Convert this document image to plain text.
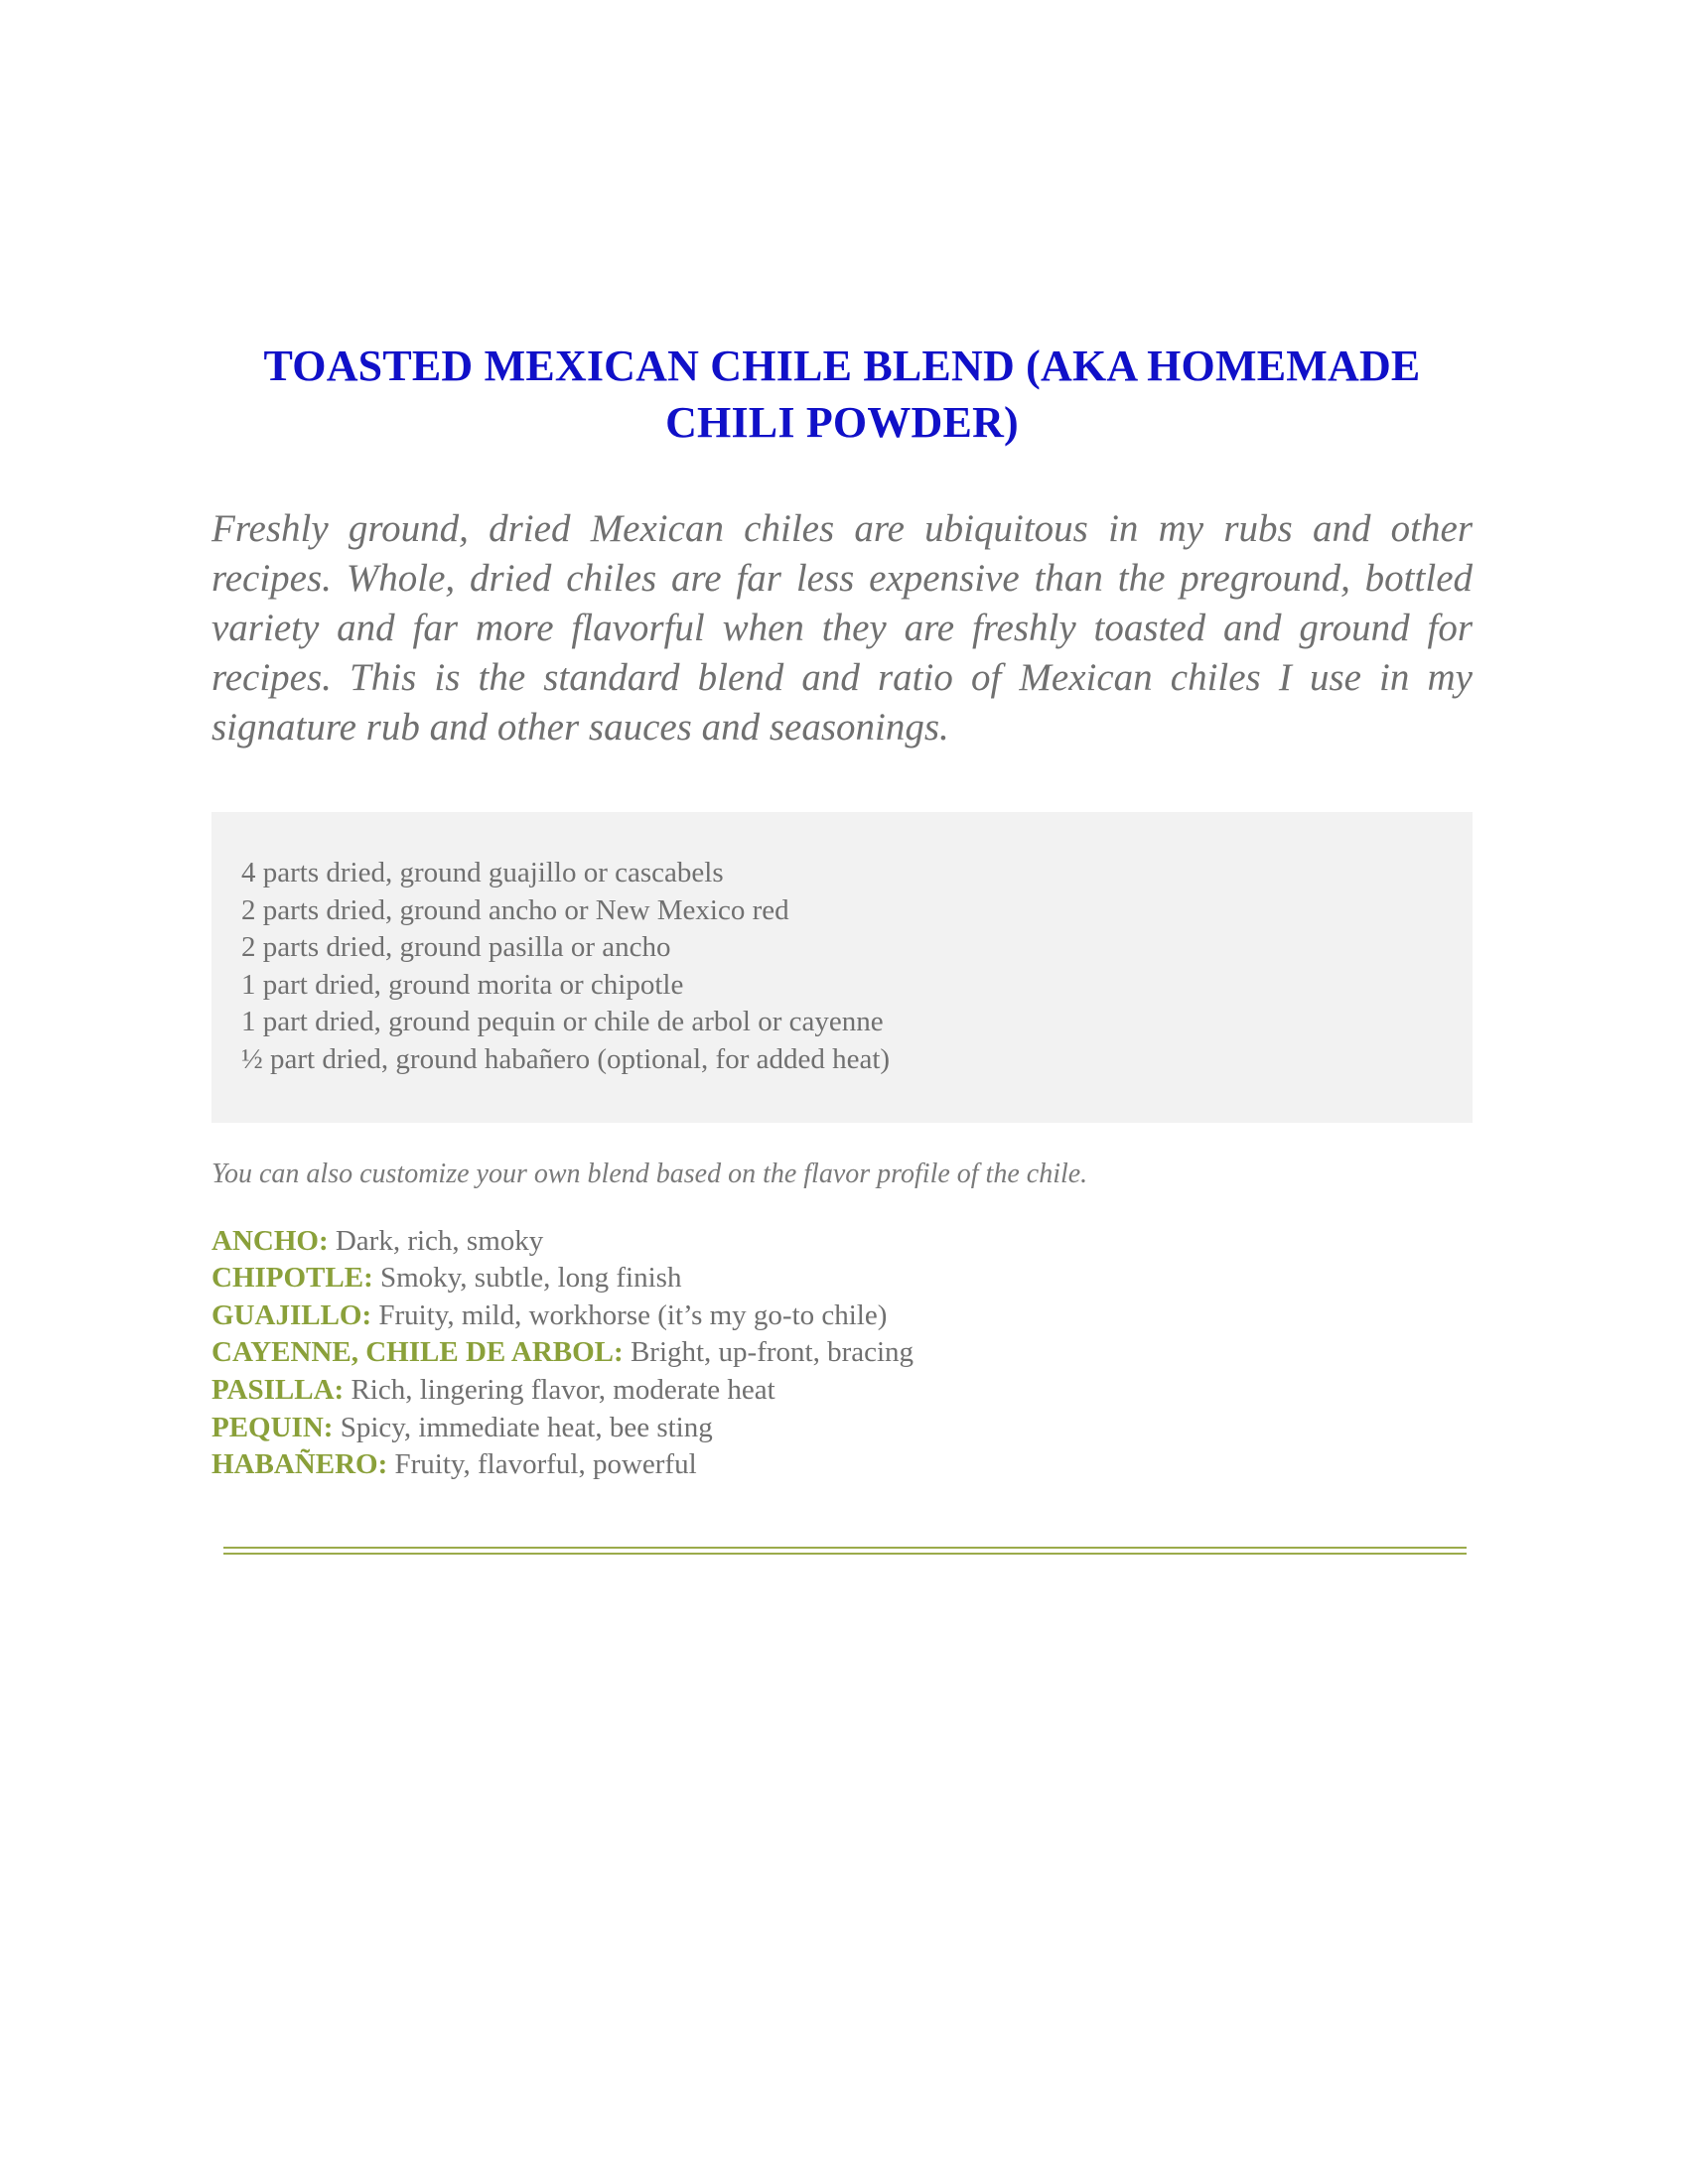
TOASTED MEXICAN CHILE BLEND (AKA HOMEMADE CHILI POWDER)

Freshly ground, dried Mexican chiles are ubiquitous in my rubs and other recipes. Whole, dried chiles are far less expensive than the preground, bottled variety and far more flavorful when they are freshly toasted and ground for recipes. This is the standard blend and ratio of Mexican chiles I use in my signature rub and other sauces and seasonings.

4 parts dried, ground guajillo or cascabels
2 parts dried, ground ancho or New Mexico red
2 parts dried, ground pasilla or ancho
1 part dried, ground morita or chipotle
1 part dried, ground pequin or chile de arbol or cayenne
½ part dried, ground habañero (optional, for added heat)
You can also customize your own blend based on the flavor profile of the chile.
ANCHO: Dark, rich, smoky
CHIPOTLE: Smoky, subtle, long finish
GUAJILLO: Fruity, mild, workhorse (it’s my go-to chile)
CAYENNE, CHILE DE ARBOL: Bright, up-front, bracing
PASILLA: Rich, lingering flavor, moderate heat
PEQUIN: Spicy, immediate heat, bee sting
HABAÑERO: Fruity, flavorful, powerful
